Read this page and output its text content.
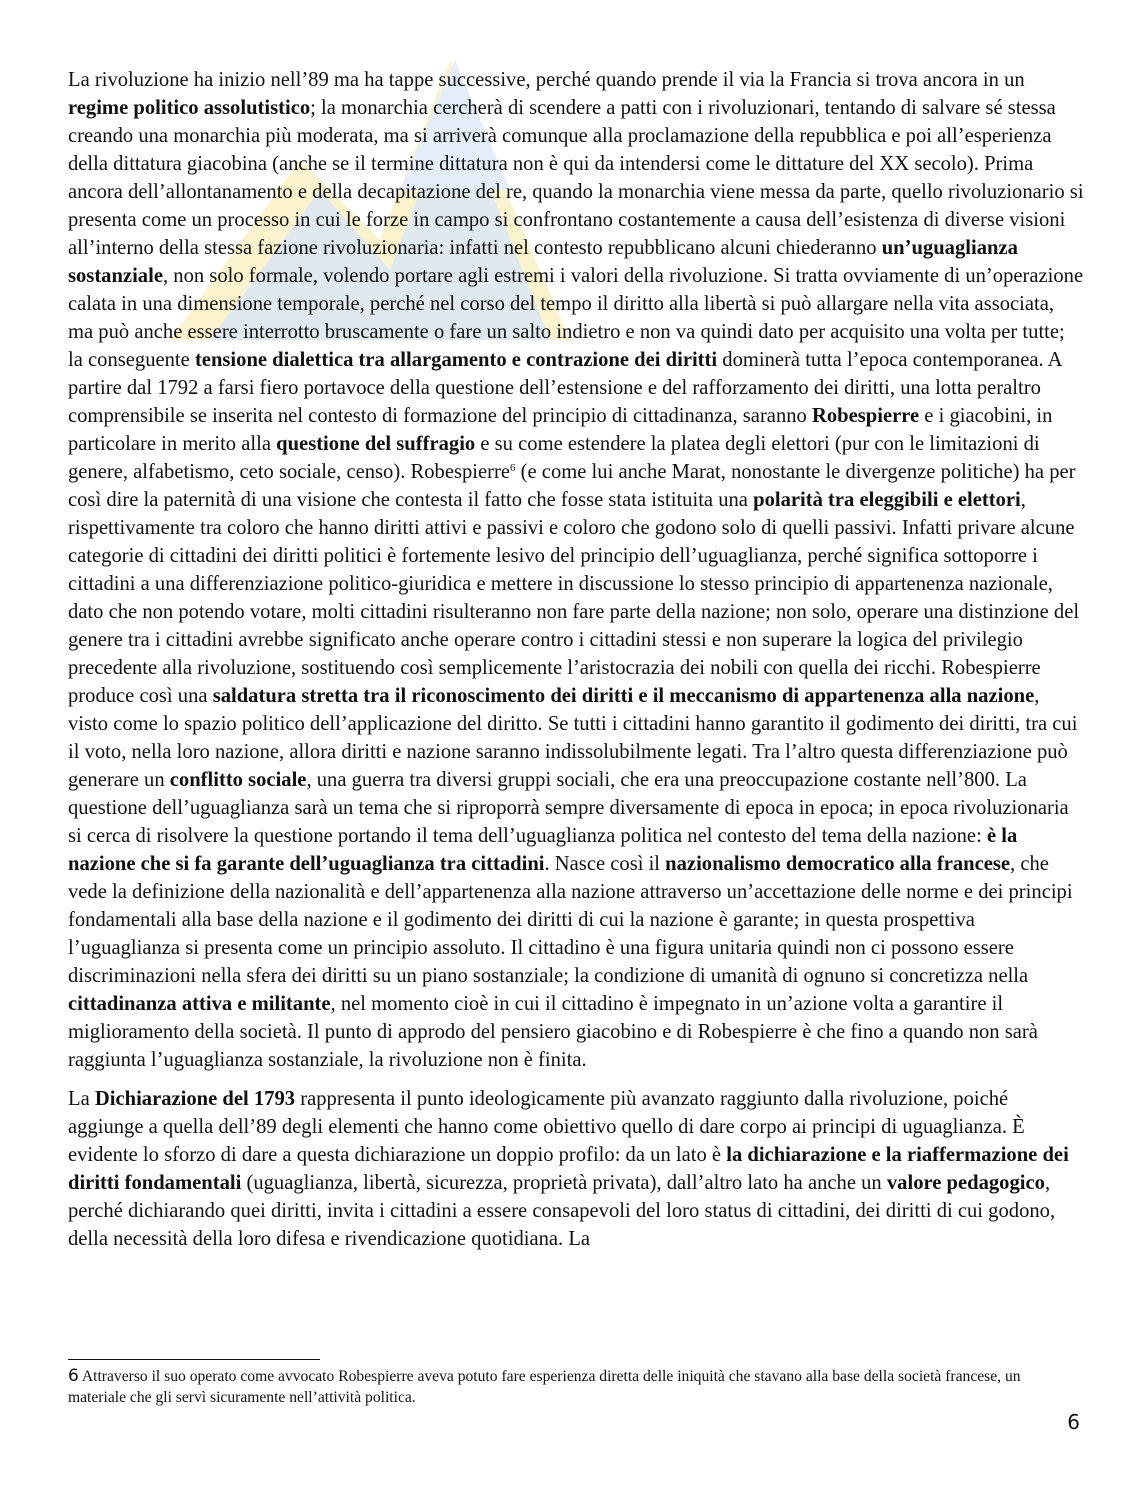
La rivoluzione ha inizio nell’89 ma ha tappe successive, perché quando prende il via la Francia si trova ancora in un regime politico assolutistico; la monarchia cercherà di scendere a patti con i rivoluzionari, tentando di salvare sé stessa creando una monarchia più moderata, ma si arriverà comunque alla proclamazione della repubblica e poi all’esperienza della dittatura giacobina (anche se il termine dittatura non è qui da intendersi come le dittature del XX secolo). Prima ancora dell’allontanamento e della decapitazione del re, quando la monarchia viene messa da parte, quello rivoluzionario si presenta come un processo in cui le forze in campo si confrontano costantemente a causa dell’esistenza di diverse visioni all’interno della stessa fazione rivoluzionaria: infatti nel contesto repubblicano alcuni chiederanno un’uguaglianza sostanziale, non solo formale, volendo portare agli estremi i valori della rivoluzione. Si tratta ovviamente di un’operazione calata in una dimensione temporale, perché nel corso del tempo il diritto alla libertà si può allargare nella vita associata, ma può anche essere interrotto bruscamente o fare un salto indietro e non va quindi dato per acquisito una volta per tutte; la conseguente tensione dialettica tra allargamento e contrazione dei diritti dominerà tutta l’epoca contemporanea. A partire dal 1792 a farsi fiero portavoce della questione dell’estensione e del rafforzamento dei diritti, una lotta peraltro comprensibile se inserita nel contesto di formazione del principio di cittadinanza, saranno Robespierre e i giacobini, in particolare in merito alla questione del suffragio e su come estendere la platea degli elettori (pur con le limitazioni di genere, alfabetismo, ceto sociale, censo). Robespierre$^6$ (e come lui anche Marat, nonostante le divergenze politiche) ha per così dire la paternità di una visione che contesta il fatto che fosse stata istituita una polarità tra eleggibili e elettori, rispettivamente tra coloro che hanno diritti attivi e passivi e coloro che godono solo di quelli passivi. Infatti privare alcune categorie di cittadini dei diritti politici è fortemente lesivo del principio dell’uguaglianza, perché significa sottoporre i cittadini a una differenziazione politico-giuridica e mettere in discussione lo stesso principio di appartenenza nazionale, dato che non potendo votare, molti cittadini risulteranno non fare parte della nazione; non solo, operare una distinzione del genere tra i cittadini avrebbe significato anche operare contro i cittadini stessi e non superare la logica del privilegio precedente alla rivoluzione, sostituendo così semplicemente l’aristocrazia dei nobili con quella dei ricchi. Robespierre produce così una saldatura stretta tra il riconoscimento dei diritti e il meccanismo di appartenenza alla nazione, visto come lo spazio politico dell’applicazione del diritto. Se tutti i cittadini hanno garantito il godimento dei diritti, tra cui il voto, nella loro nazione, allora diritti e nazione saranno indissolubilmente legati. Tra l’altro questa differenziazione può generare un conflitto sociale, una guerra tra diversi gruppi sociali, che era una preoccupazione costante nell’800. La questione dell’uguaglianza sarà un tema che si riproporrà sempre diversamente di epoca in epoca; in epoca rivoluzionaria si cerca di risolvere la questione portando il tema dell’uguaglianza politica nel contesto del tema della nazione: è la nazione che si fa garante dell’uguaglianza tra cittadini. Nasce così il nazionalismo democratico alla francese, che vede la definizione della nazionalità e dell’appartenenza alla nazione attraverso un’accettazione delle norme e dei principi fondamentali alla base della nazione e il godimento dei diritti di cui la nazione è garante; in questa prospettiva l’uguaglianza si presenta come un principio assoluto. Il cittadino è una figura unitaria quindi non ci possono essere discriminazioni nella sfera dei diritti su un piano sostanziale; la condizione di umanità di ognuno si concretizza nella cittadinanza attiva e militante, nel momento cioè in cui il cittadino è impegnato in un’azione volta a garantire il miglioramento della società. Il punto di approdo del pensiero giacobino e di Robespierre è che fino a quando non sarà raggiunta l’uguaglianza sostanziale, la rivoluzione non è finita.

La Dichiarazione del 1793 rappresenta il punto ideologicamente più avanzato raggiunto dalla rivoluzione, poiché aggiunge a quella dell’89 degli elementi che hanno come obiettivo quello di dare corpo ai principi di uguaglianza. È evidente lo sforzo di dare a questa dichiarazione un doppio profilo: da un lato è la dichiarazione e la riaffermazione dei diritti fondamentali (uguaglianza, libertà, sicurezza, proprietà privata), dall’altro lato ha anche un valore pedagogico, perché dichiarando quei diritti, invita i cittadini a essere consapevoli del loro status di cittadini, dei diritti di cui godono, della necessità della loro difesa e rivendicazione quotidiana. La

6 Attraverso il suo operato come avvocato Robespierre aveva potuto fare esperienza diretta delle iniquità che stavano alla base della società francese, un materiale che gli servì sicuramente nell’attività politica.
6
